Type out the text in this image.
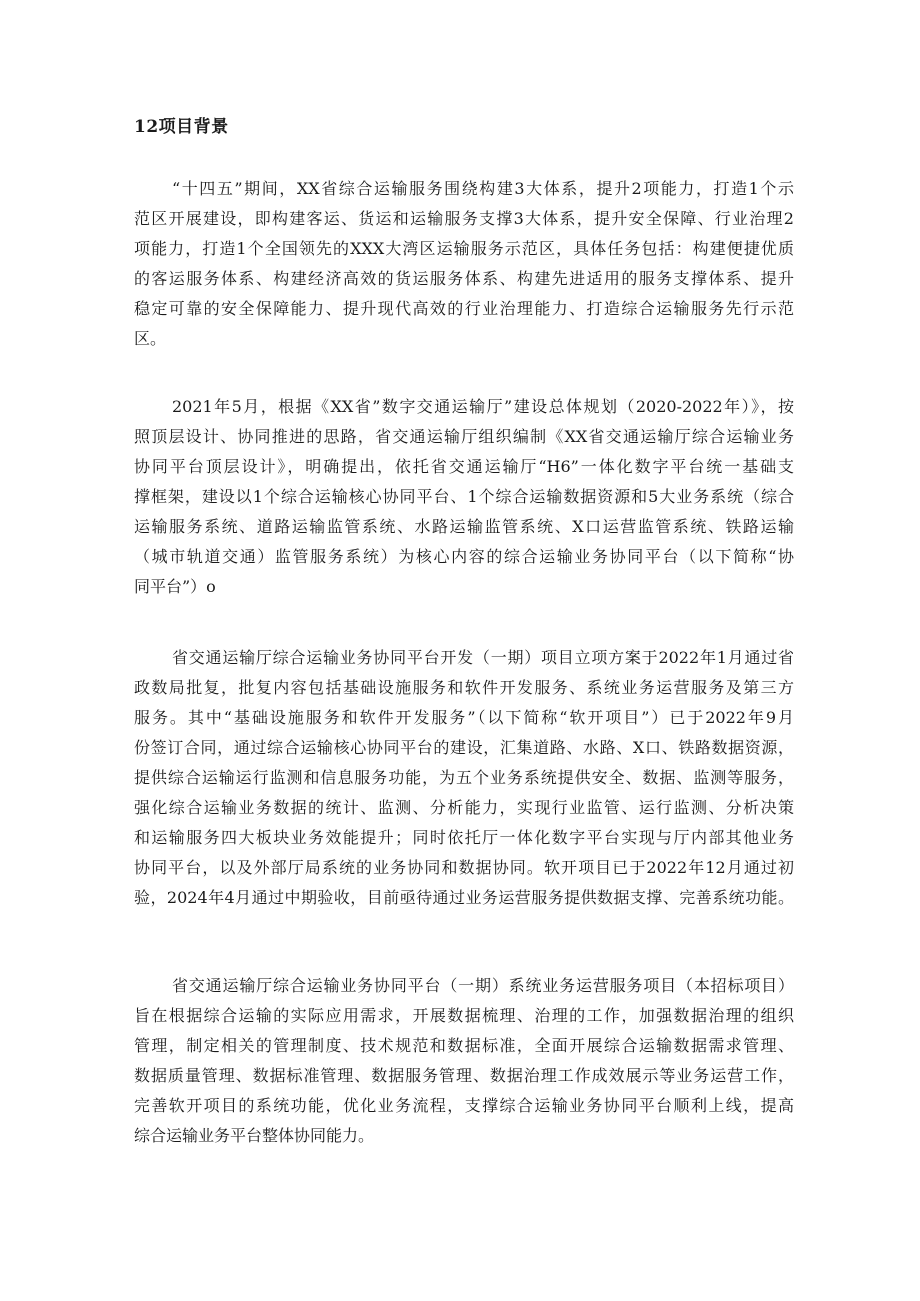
12项目背景
“十四五”期间，XX省综合运输服务围绕构建3大体系，提升2项能力，打造1个示
范区开展建设，即构建客运、货运和运输服务支撑3大体系，提升安全保障、行业治理2
项能力，打造1个全国领先的XXX大湾区运输服务示范区，具体任务包括：构建便捷优质
的客运服务体系、构建经济高效的货运服务体系、构建先进适用的服务支撑体系、提升
稳定可靠的安全保障能力、提升现代高效的行业治理能力、打造综合运输服务先行示范
区。
2021年5月，根据《XX省”数字交通运输厅”建设总体规划（2020-2022年）》，按
照顶层设计、协同推进的思路，省交通运输厅组织编制《XX省交通运输厅综合运输业务
协同平台顶层设计》，明确提出，依托省交通运输厅“H6”一体化数字平台统一基础支
撑框架，建设以1个综合运输核心协同平台、1个综合运输数据资源和5大业务系统（综合
运输服务系统、道路运输监管系统、水路运输监管系统、X口运营监管系统、铁路运输
（城市轨道交通）监管服务系统）为核心内容的综合运输业务协同平台（以下简称“协
同平台”）o
省交通运输厅综合运输业务协同平台开发（一期）项目立项方案于2022年1月通过省
政数局批复，批复内容包括基础设施服务和软件开发服务、系统业务运营服务及第三方
服务。其中“基础设施服务和软件开发服务”（以下简称“软开项目”）已于2022年9月
份签订合同，通过综合运输核心协同平台的建设，汇集道路、水路、X口、铁路数据资源，
提供综合运输运行监测和信息服务功能，为五个业务系统提供安全、数据、监测等服务，
强化综合运输业务数据的统计、监测、分析能力，实现行业监管、运行监测、分析决策
和运输服务四大板块业务效能提升；同时依托厅一体化数字平台实现与厅内部其他业务
协同平台，以及外部厅局系统的业务协同和数据协同。软开项目已于2022年12月通过初
验，2024年4月通过中期验收，目前亟待通过业务运营服务提供数据支撑、完善系统功能。
省交通运输厅综合运输业务协同平台（一期）系统业务运营服务项目（本招标项目）
旨在根据综合运输的实际应用需求，开展数据梳理、治理的工作，加强数据治理的组织
管理，制定相关的管理制度、技术规范和数据标准，全面开展综合运输数据需求管理、
数据质量管理、数据标准管理、数据服务管理、数据治理工作成效展示等业务运营工作，
完善软开项目的系统功能，优化业务流程，支撑综合运输业务协同平台顺利上线，提高
综合运输业务平台整体协同能力。
